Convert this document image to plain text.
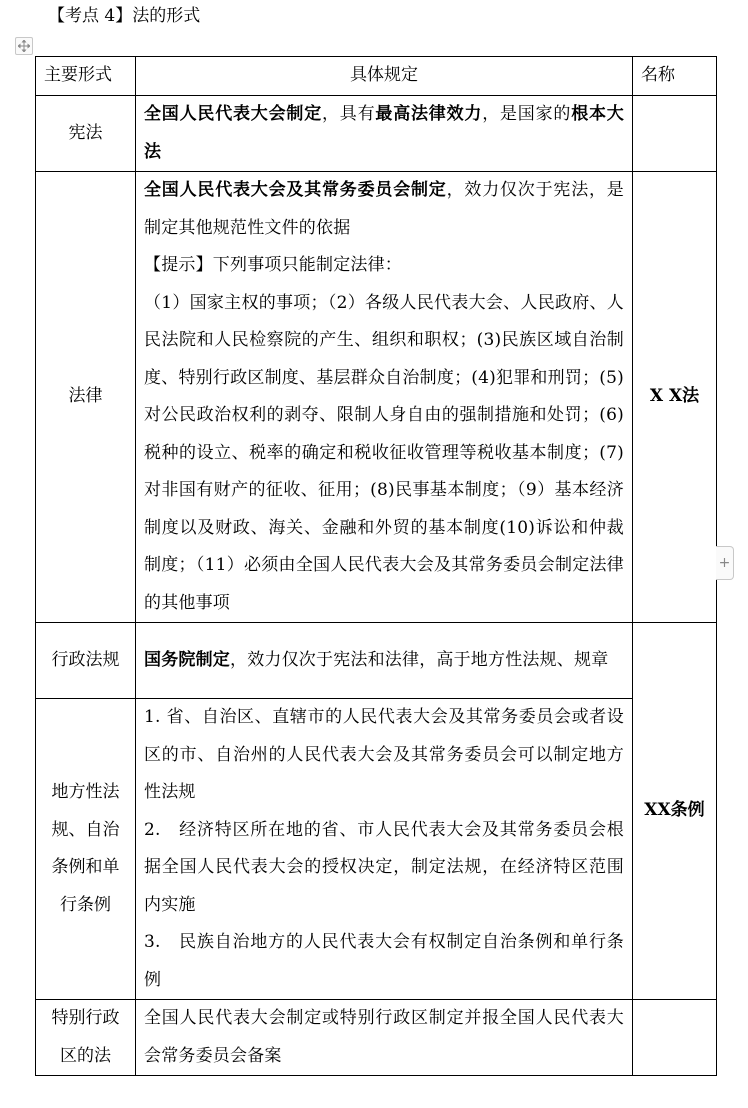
【考点 4】法的形式
主要形式	具体规定	名称
宪法	全国人民代表大会制定，具有最高法律效力，是国家的根本大法	
法律	全国人民代表大会及其常务委员会制定，效力仅次于宪法，是制定其他规范性文件的依据
【提示】下列事项只能制定法律：
（1）国家主权的事项；（2）各级人民代表大会、人民政府、人民法院和人民检察院的产生、组织和职权；(3)民族区域自治制度、特别行政区制度、基层群众自治制度；(4)犯罪和刑罚；(5)对公民政治权利的剥夺、限制人身自由的强制措施和处罚；(6)税种的设立、税率的确定和税收征收管理等税收基本制度；(7)对非国有财产的征收、征用；(8)民事基本制度；（9）基本经济制度以及财政、海关、金融和外贸的基本制度(10)诉讼和仲裁制度；（11）必须由全国人民代表大会及其常务委员会制定法律的其他事项	X X法
行政法规	国务院制定，效力仅次于宪法和法律，高于地方性法规、规章	XX条例
地方性法规、自治条例和单行条例	1. 省、自治区、直辖市的人民代表大会及其常务委员会或者设区的市、自治州的人民代表大会及其常务委员会可以制定地方性法规
2.　经济特区所在地的省、市人民代表大会及其常务委员会根据全国人民代表大会的授权决定，制定法规，在经济特区范围内实施
3.　民族自治地方的人民代表大会有权制定自治条例和单行条例	

特别行政区的法	全国人民代表大会制定或特别行政区制定并报全国人民代表大会常务委员会备案	
+
